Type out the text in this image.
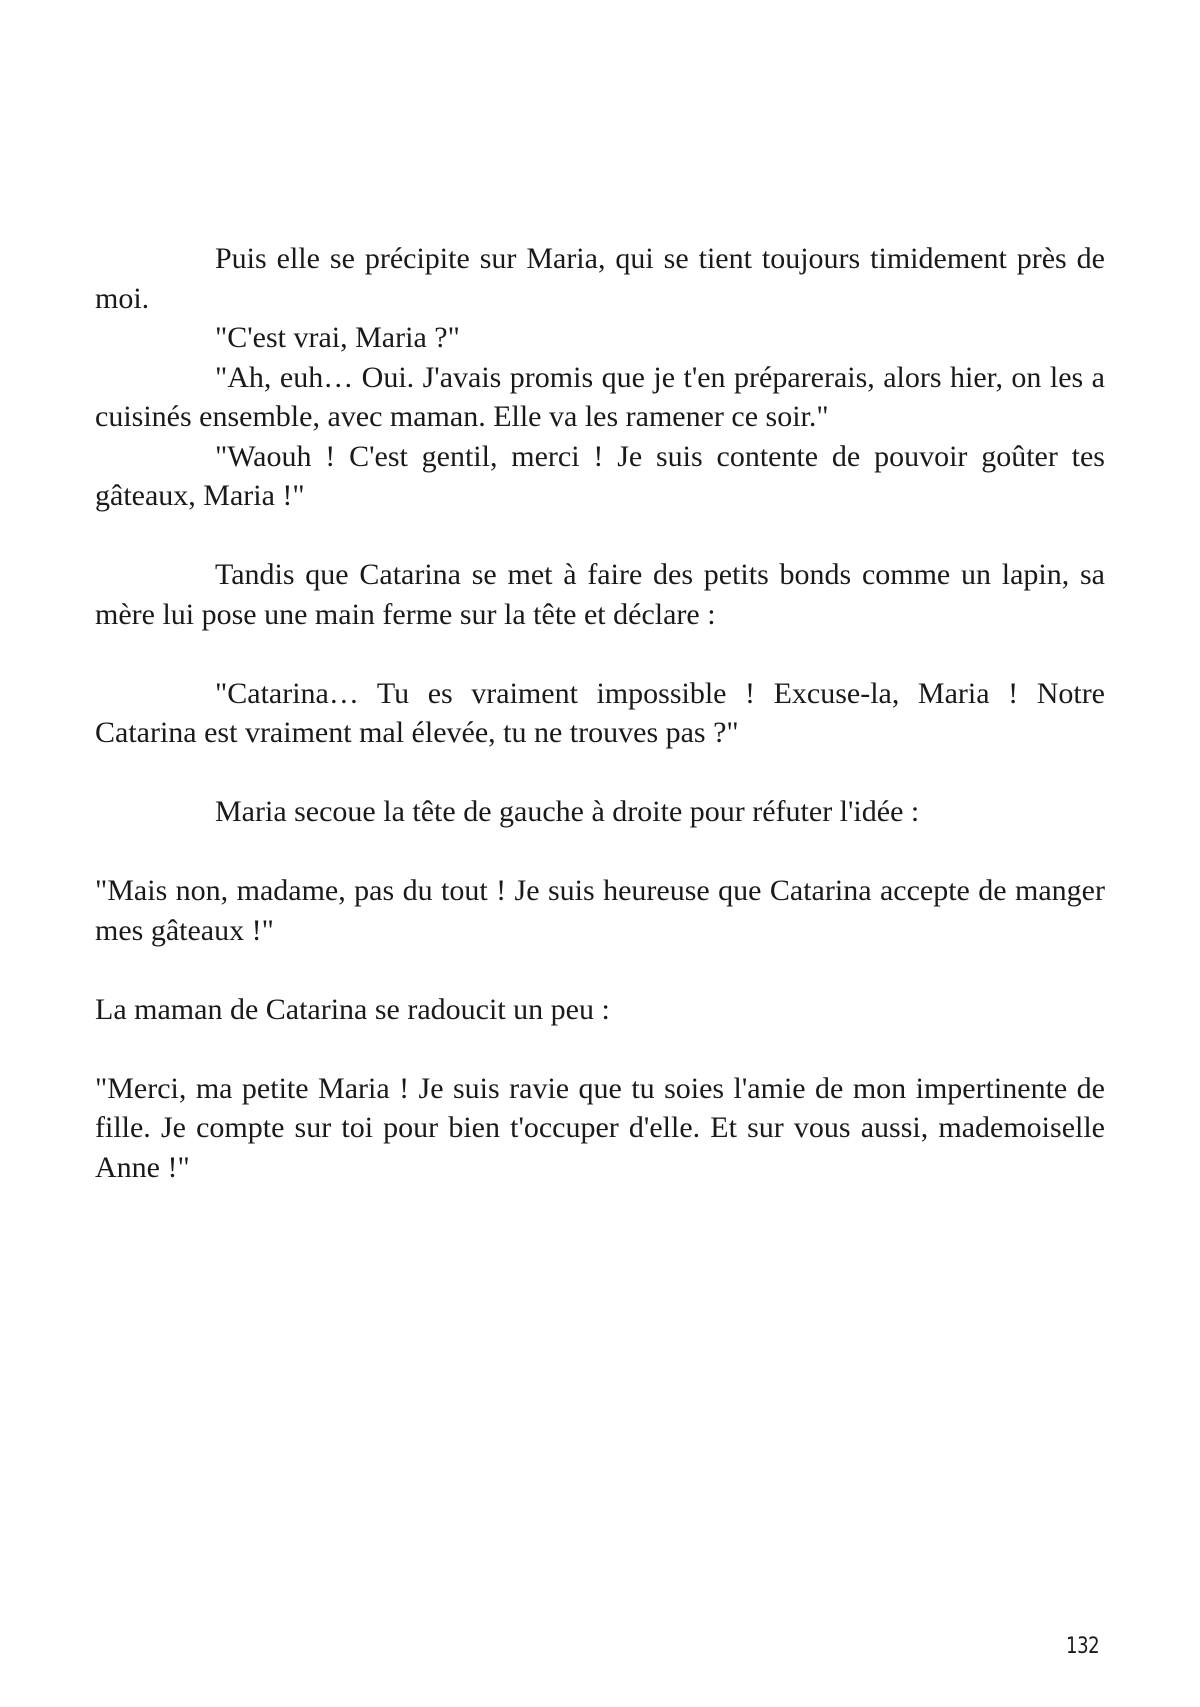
Puis elle se précipite sur Maria, qui se tient toujours timidement près de moi.

"C'est vrai, Maria ?"

"Ah, euh… Oui. J'avais promis que je t'en préparerais, alors hier, on les a cuisinés ensemble, avec maman. Elle va les ramener ce soir."

"Waouh ! C'est gentil, merci ! Je suis contente de pouvoir goûter tes gâteaux, Maria !"

Tandis que Catarina se met à faire des petits bonds comme un lapin, sa mère lui pose une main ferme sur la tête et déclare :

"Catarina… Tu es vraiment impossible ! Excuse-la, Maria ! Notre Catarina est vraiment mal élevée, tu ne trouves pas ?"

Maria secoue la tête de gauche à droite pour réfuter l'idée :

"Mais non, madame, pas du tout ! Je suis heureuse que Catarina accepte de manger mes gâteaux !"

La maman de Catarina se radoucit un peu :

"Merci, ma petite Maria ! Je suis ravie que tu soies l'amie de mon impertinente de fille. Je compte sur toi pour bien t'occuper d'elle. Et sur vous aussi, mademoiselle Anne !"

132
